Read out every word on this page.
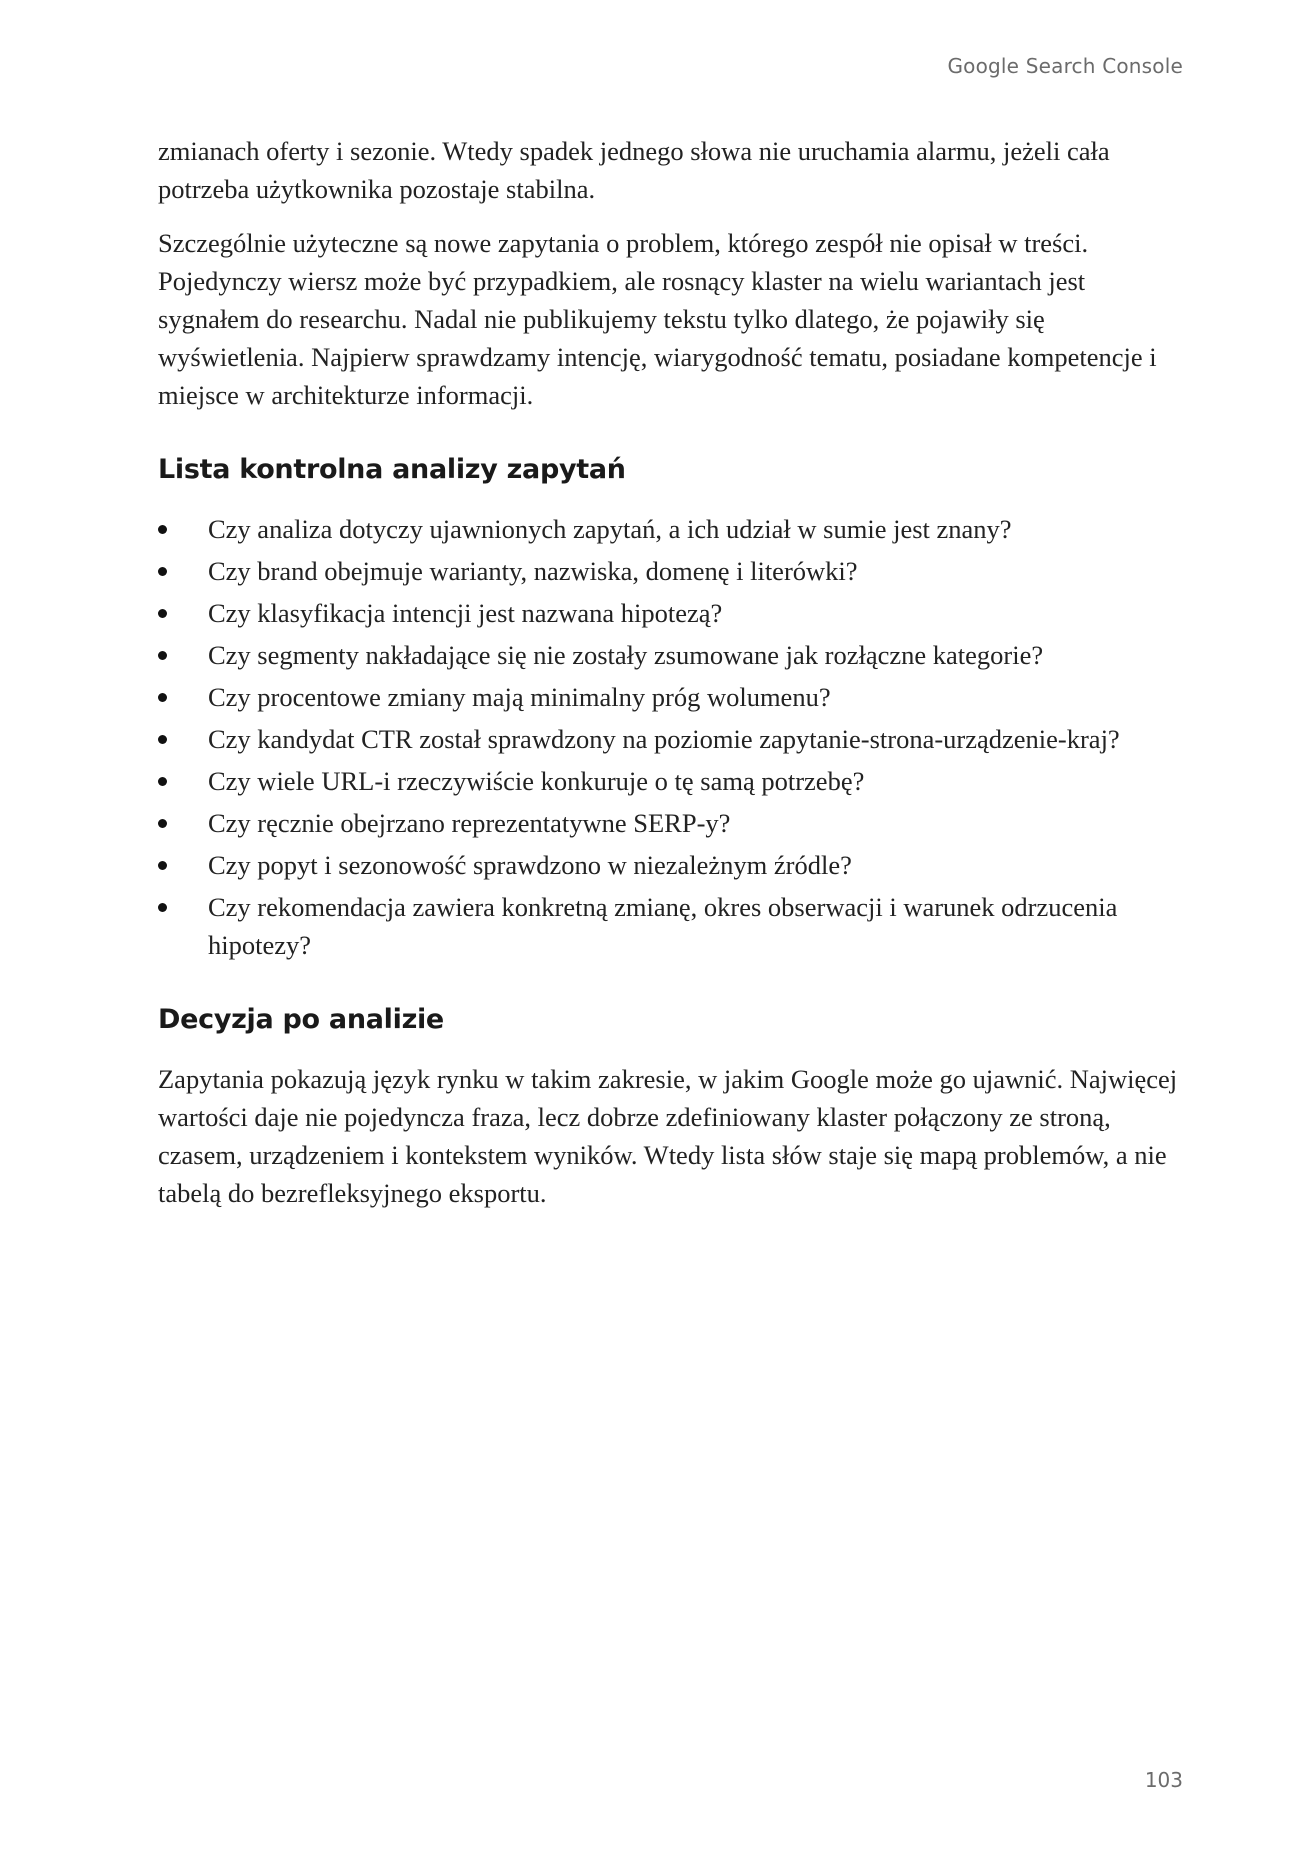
Google Search Console

zmianach oferty i sezonie. Wtedy spadek jednego słowa nie uruchamia alarmu, jeżeli cała potrzeba użytkownika pozostaje stabilna.

Szczególnie użyteczne są nowe zapytania o problem, którego zespół nie opisał w treści. Pojedynczy wiersz może być przypadkiem, ale rosnący klaster na wielu wariantach jest sygnałem do researchu. Nadal nie publikujemy tekstu tylko dlatego, że pojawiły się wyświetlenia. Najpierw sprawdzamy intencję, wiarygodność tematu, posiadane kompetencje i miejsce w architekturze informacji.

Lista kontrolna analizy zapytań
Czy analiza dotyczy ujawnionych zapytań, a ich udział w sumie jest znany?
Czy brand obejmuje warianty, nazwiska, domenę i literówki?
Czy klasyfikacja intencji jest nazwana hipotezą?
Czy segmenty nakładające się nie zostały zsumowane jak rozłączne kategorie?
Czy procentowe zmiany mają minimalny próg wolumenu?
Czy kandydat CTR został sprawdzony na poziomie zapytanie-strona-urządzenie-kraj?
Czy wiele URL-i rzeczywiście konkuruje o tę samą potrzebę?
Czy ręcznie obejrzano reprezentatywne SERP-y?
Czy popyt i sezonowość sprawdzono w niezależnym źródle?
Czy rekomendacja zawiera konkretną zmianę, okres obserwacji i warunek odrzucenia hipotezy?
Decyzja po analizie

Zapytania pokazują język rynku w takim zakresie, w jakim Google może go ujawnić. Najwięcej wartości daje nie pojedyncza fraza, lecz dobrze zdefiniowany klaster połączony ze stroną, czasem, urządzeniem i kontekstem wyników. Wtedy lista słów staje się mapą problemów, a nie tabelą do bezrefleksyjnego eksportu.

103
